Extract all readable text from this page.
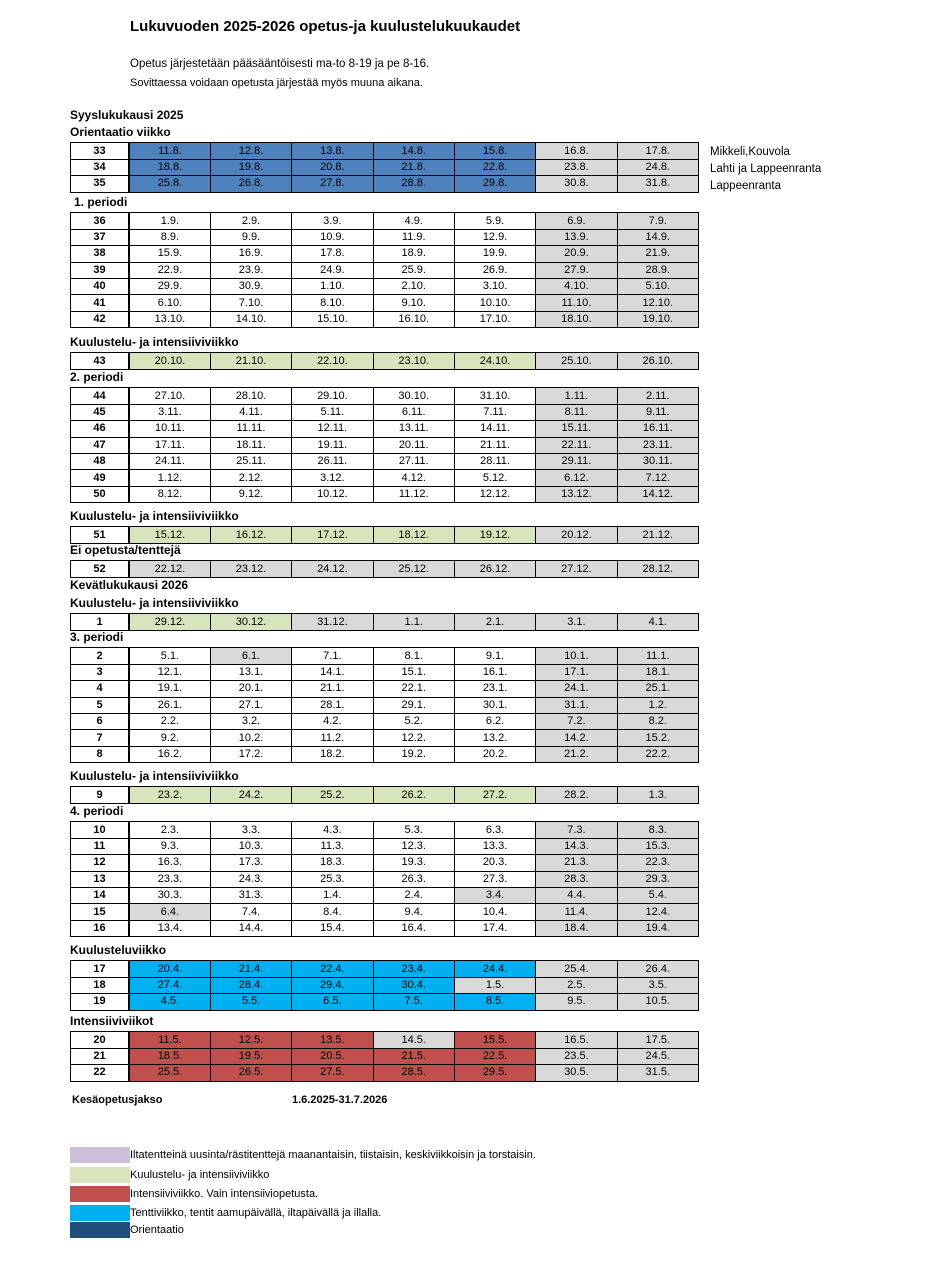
Lukuvuoden 2025-2026 opetus-ja kuulustelukuukaudet
Opetus järjestetään pääsääntöisesti ma-to 8-19 ja pe 8-16.
Sovittaessa voidaan opetusta järjestää myös muuna aikana.
Syyslukukausi 2025
Orientaatio viikko
33	11.8.	12.8.	13.8.	14.8.	15.8.	16.8.	17.8.
34	18.8.	19.8.	20.8.	21.8.	22.8.	23.8.	24.8.
35	25.8.	26.8.	27.8.	28.8.	29.8.	30.8.	31.8.
1. periodi
36	1.9.	2.9.	3.9.	4.9.	5.9.	6.9.	7.9.
37	8.9.	9.9.	10.9.	11.9.	12.9.	13.9.	14.9.
38	15.9.	16.9.	17.8.	18.9.	19.9.	20.9.	21.9.
39	22.9.	23.9.	24.9.	25.9.	26.9.	27.9.	28.9.
40	29.9.	30.9.	1.10.	2.10.	3.10.	4.10.	5.10.
41	6.10.	7.10.	8.10.	9.10.	10.10.	11.10.	12.10.
42	13.10.	14.10.	15.10.	16.10.	17.10.	18.10.	19.10.
Kuulustelu- ja intensiiviviikko
43	20.10.	21.10.	22.10.	23.10.	24.10.	25.10.	26.10.
2. periodi
44	27.10.	28.10.	29.10.	30.10.	31.10.	1.11.	2.11.
45	3.11.	4.11.	5.11.	6.11.	7.11.	8.11.	9.11.
46	10.11.	11.11.	12.11.	13.11.	14.11.	15.11.	16.11.
47	17.11.	18.11.	19.11.	20.11.	21.11.	22.11.	23.11.
48	24.11.	25.11.	26.11.	27.11.	28.11.	29.11.	30.11.
49	1.12.	2.12.	3.12.	4.12.	5.12.	6.12.	7.12.
50	8.12.	9.12.	10.12.	11.12.	12.12.	13.12.	14.12.
Kuulustelu- ja intensiiviviikko
51	15.12.	16.12.	17.12.	18.12.	19.12.	20.12.	21.12.
Ei opetusta/tenttejä
52	22.12.	23.12.	24.12.	25.12.	26.12.	27.12.	28.12.
Kevätlukukausi 2026
Kuulustelu- ja intensiiviviikko
1	29.12.	30.12.	31.12.	1.1.	2.1.	3.1.	4.1.
3. periodi
2	5.1.	6.1.	7.1.	8.1.	9.1.	10.1.	11.1.
3	12.1.	13.1.	14.1.	15.1.	16.1.	17.1.	18.1.
4	19.1.	20.1.	21.1.	22.1.	23.1.	24.1.	25.1.
5	26.1.	27.1.	28.1.	29.1.	30.1.	31.1.	1.2.
6	2.2.	3.2.	4.2.	5.2.	6.2.	7.2.	8.2.
7	9.2.	10.2.	11.2.	12.2.	13.2.	14.2.	15.2.
8	16.2.	17.2.	18.2.	19.2.	20.2.	21.2.	22.2.
Kuulustelu- ja intensiiviviikko
9	23.2.	24.2.	25.2.	26.2.	27.2.	28.2.	1.3.
4. periodi
10	2.3.	3.3.	4.3.	5.3.	6.3.	7.3.	8.3.
11	9.3.	10.3.	11.3.	12.3.	13.3.	14.3.	15.3.
12	16.3.	17.3.	18.3.	19.3.	20.3.	21.3.	22.3.
13	23.3.	24.3.	25.3.	26.3.	27.3.	28.3.	29.3.
14	30.3.	31.3.	1.4.	2.4.	3.4.	4.4.	5.4.
15	6.4.	7.4.	8.4.	9.4.	10.4.	11.4.	12.4.
16	13.4.	14.4.	15.4.	16.4.	17.4.	18.4.	19.4.
Kuulusteluviikko
17	20.4.	21.4.	22.4.	23.4.	24.4.	25.4.	26.4.
18	27.4.	28.4.	29.4.	30.4.	1.5.	2.5.	3.5.
19	4.5.	5.5.	6.5.	7.5.	8.5.	9.5.	10.5.
Intensiiviviikot
20	11.5.	12.5.	13.5.	14.5.	15.5.	16.5.	17.5.
21	18.5.	19.5.	20.5.	21.5.	22.5.	23.5.	24.5.
22	25.5.	26.5.	27.5.	28.5.	29.5.	30.5.	31.5.
Kesäopetusjakso	1.6.2025-31.7.2026
Iltatentteinä uusinta/rästitenttejä maanantaisin, tiistaisin, keskiviikkoisin ja torstaisin.
Kuulustelu- ja intensiiviviikko
Intensiiviviikko. Vain intensiiviopetusta.
Tenttiviikko, tentit aamupäivällä, iltapäivällä ja illalla.
Orientaatio
Mikkeli,Kouvola
Lahti ja Lappeenranta
Lappeenranta
